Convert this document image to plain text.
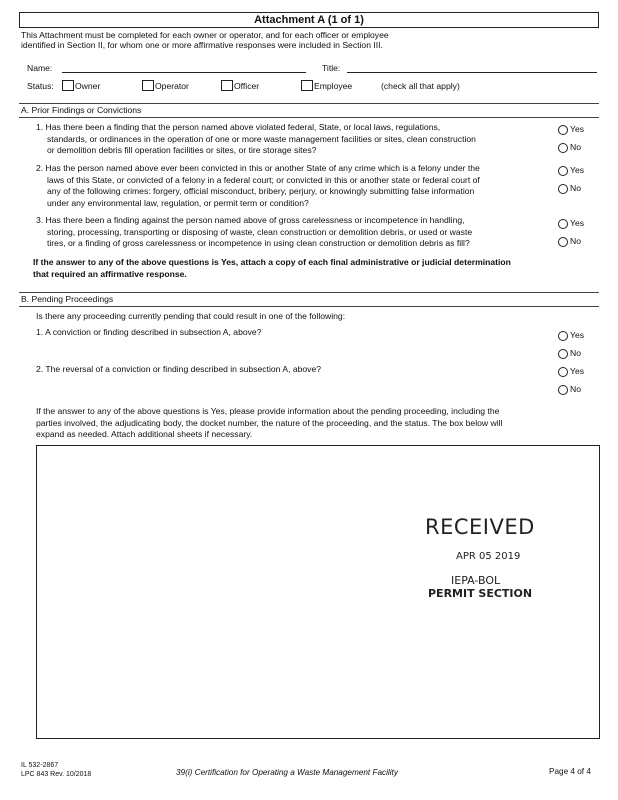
Attachment A (1 of 1)
This Attachment must be completed for each owner or operator, and for each officer or employee
identified in Section II, for whom one or more affirmative responses were included in Section III.
Name:	Title:
Status: Owner	Operator	Officer	Employee	(check all that apply)
A. Prior Findings or Convictions
1. Has there been a finding that the person named above violated federal, State, or local laws, regulations,
standards, or ordinances in the operation of one or more waste management facilities or sites, clean construction
or demolition debris fill operation facilities or sites, or tire storage sites?
Yes
No
2. Has the person named above ever been convicted in this or another State of any crime which is a felony under the
laws of this State, or convicted of a felony in a federal court; or convicted in this or another state or federal court of
any of the following crimes: forgery, official misconduct, bribery, perjury, or knowingly submitting false information
under any environmental law, regulation, or permit term or condition?
Yes
No
3. Has there been a finding against the person named above of gross carelessness or incompetence in handling,
storing, processing, transporting or disposing of waste, clean construction or demolition debris, or used or waste
tires, or a finding of gross carelessness or incompetence in using clean construction or demolition debris as fill?
Yes
No
If the answer to any of the above questions is Yes, attach a copy of each final administrative or judicial determination
that required an affirmative response.
B. Pending Proceedings
Is there any proceeding currently pending that could result in one of the following:
1. A conviction or finding described in subsection A, above?	Yes
No
2. The reversal of a conviction or finding described in subsection A, above?	Yes
No
If the answer to any of the above questions is Yes, please provide information about the pending proceeding, including the
parties involved, the adjudicating body, the docket number, the nature of the proceeding, and the status. The box below will
expand as needed. Attach additional sheets if necessary.
RECEIVED
APR 05 2019
IEPA-BOL
PERMIT SECTION
IL 532-2867
LPC 843 Rev. 10/2018	39(i) Certification for Operating a Waste Management Facility	Page 4 of 4
